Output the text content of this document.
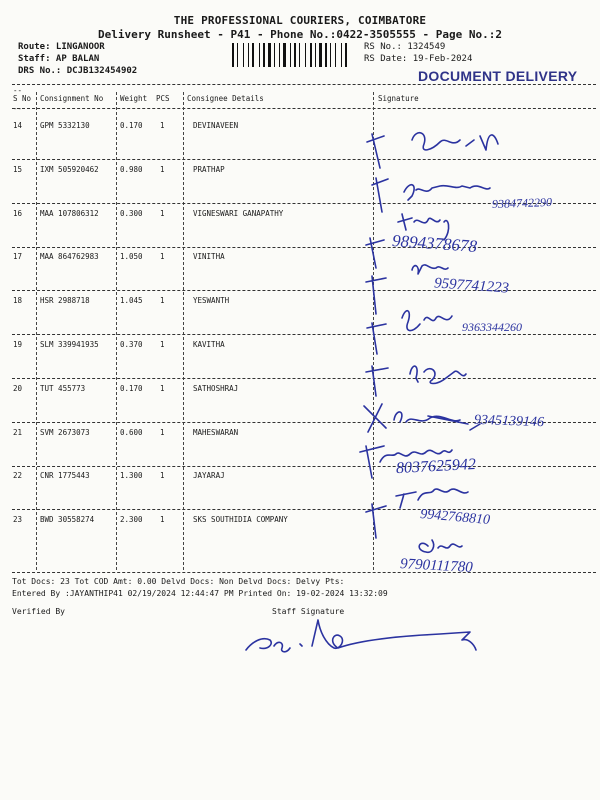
THE PROFESSIONAL COURIERS, COIMBATORE
Delivery Runsheet - P41 - Phone No.:0422-3505555 - Page No.:2
Route: LINGANOOR
Staff: AP BALAN
DRS No.: DCJB132454902
RS No.: 1324549
RS Date: 19-Feb-2024
DOCUMENT DELIVERY
--
S No Consignment No Weight PCS Consignee Details	Signature
--
14 GPM 5332130	0.170 1	DEVINAVEEN
15 IXM 505920462	0.980 1	PRATHAP
16 MAA 107806312	0.300 1	VIGNESWARI GANAPATHY
17 MAA 864762983	1.050 1	VINITHA
18 HSR 2988718	1.045 1	YESWANTH
19 SLM 339941935	0.370 1	KAVITHA
20 TUT 455773	0.170 1	SATHOSHRAJ
21 SVM 2673073	0.600 1	MAHESWARAN
22 CNR 1775443	1.300 1	JAYARAJ
23 BWD 30558274	2.300 1	SKS SOUTHIDIA COMPANY
Tot Docs: 23 Tot COD Amt: 0.00 Delvd Docs: Non Delvd Docs: Delvy Pts:
Entered By :JAYANTHIP41 02/19/2024 12:44:47 PM Printed On: 19-02-2024 13:32:09
Verified By	Staff Signature
9384742290
9894378678
9597741223
9363344260
9345139146
8037625942
9942768810
9790111780
